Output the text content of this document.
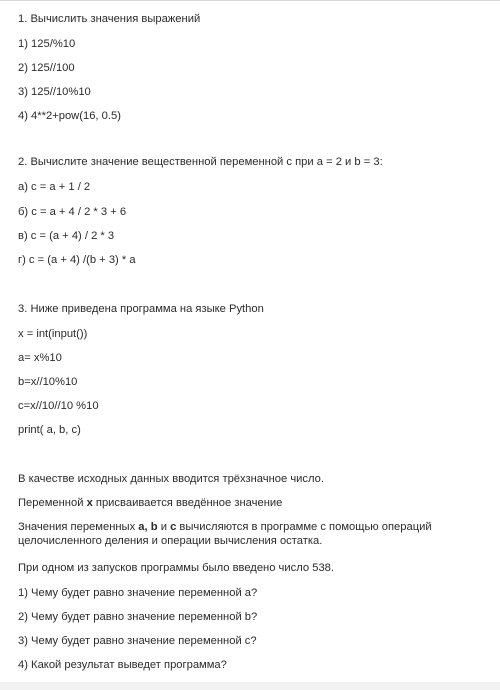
1. Вычислить значения выражений
1) 125/%10
2) 125//100
3) 125//10%10
4) 4**2+pow(16, 0.5)
2. Вычислите значение вещественной переменной c при a = 2 и b = 3:
а) c = a + 1 / 2
б) c = a + 4 / 2 * 3 + 6
в) c = (a + 4) / 2 * 3
г) c = (a + 4) /(b + 3) * a
3. Ниже приведена программа на языке Python
x = int(input())
a= x%10
b=x//10%10
c=x//10//10 %10
print( a, b, c)
В качестве исходных данных вводится трёхзначное число.
Переменной x присваивается введённое значение
Значения переменных a, b и c вычисляются в программе с помощью операций целочисленного деления и операции вычисления остатка.
При одном из запусков программы было введено число 538.
1) Чему будет равно значение переменной a?
2) Чему будет равно значение переменной b?
3) Чему будет равно значение переменной c?
4) Какой результат выведет программа?
